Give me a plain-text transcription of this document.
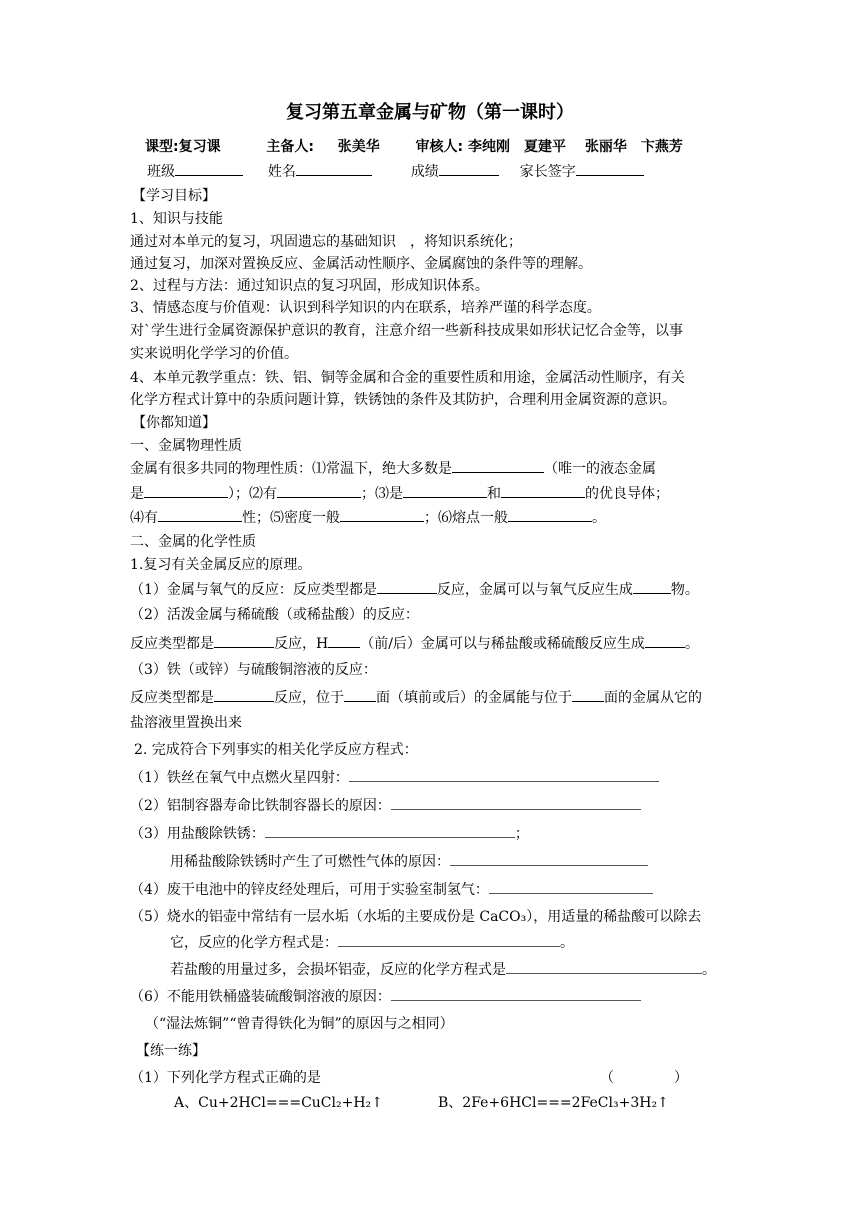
复习第五章金属与矿物（第一课时）
课型:复习课	主备人: 张美华	审核人: 李纯刚　夏建平　 张丽华　卞燕芳
班级	姓名	成绩	家长签字
【学习目标】
1、知识与技能
通过对本单元的复习，巩固遗忘的基础知识　，将知识系统化；
通过复习，加深对置换反应、金属活动性顺序、金属腐蚀的条件等的理解。
2、过程与方法：通过知识点的复习巩固，形成知识体系。
3、情感态度与价值观：认识到科学知识的内在联系，培养严谨的科学态度。
对`学生进行金属资源保护意识的教育，注意介绍一些新科技成果如形状记忆合金等，以事
实来说明化学学习的价值。
4、本单元教学重点：铁、铝、铜等金属和合金的重要性质和用途，金属活动性顺序，有关
化学方程式计算中的杂质问题计算，铁锈蚀的条件及其防护，合理利用金属资源的意识。
【你都知道】
一、金属物理性质
金属有很多共同的物理性质：⑴常温下，绝大多数是	（唯一的液态金属
是	）；⑵有	；⑶是	和	的优良导体；
⑷有	性；⑸密度一般	；⑹熔点一般	。
二、金属的化学性质
1.复习有关金属反应的原理。
（1）金属与氧气的反应：反应类型都是	反应，金属可以与氧气反应生成	物。
（2）活泼金属与稀硫酸（或稀盐酸）的反应：
反应类型都是	反应，H （前/后）金属可以与稀盐酸或稀硫酸反应生成	。
（3）铁（或锌）与硫酸铜溶液的反应：
反应类型都是	反应，位于 面（填前或后）的金属能与位于 面的金属从它的
盐溶液里置换出来
2. 完成符合下列事实的相关化学反应方程式：
（1）铁丝在氧气中点燃火星四射：
（2）铝制容器寿命比铁制容器长的原因：
（3）用盐酸除铁锈：	；
用稀盐酸除铁锈时产生了可燃性气体的原因：
（4）废干电池中的锌皮经处理后，可用于实验室制氢气：
（5）烧水的铝壶中常结有一层水垢（水垢的主要成份是 CaCO₃），用适量的稀盐酸可以除去
它，反应的化学方程式是：	。
若盐酸的用量过多，会损坏铝壶，反应的化学方程式是	。
（6）不能用铁桶盛装硫酸铜溶液的原因：
（“湿法炼铜”“曾青得铁化为铜”的原因与之相同）
【练一练】
（1）下列化学方程式正确的是	（	）
A、Cu+2HCl===CuCl₂+H₂↑	B、2Fe+6HCl===2FeCl₃+3H₂↑
